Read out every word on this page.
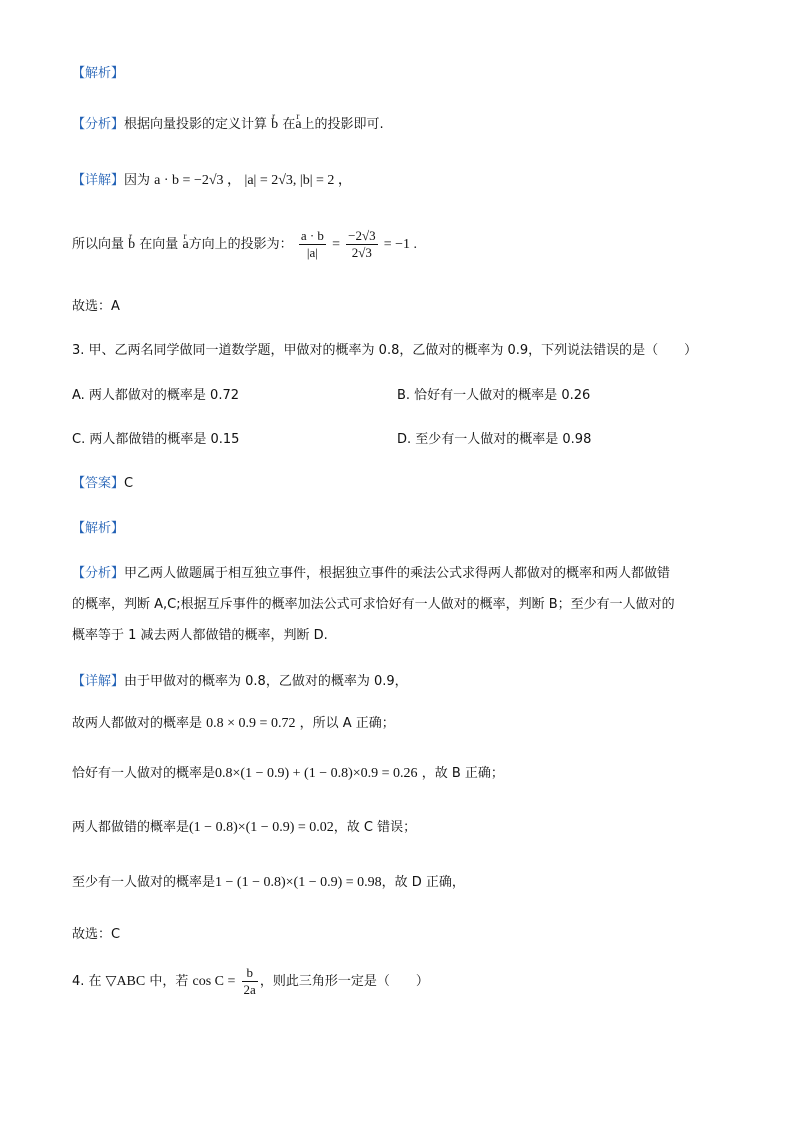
【解析】
【分析】根据向量投影的定义计算 r b 在r a上的投影即可.
【详解】因为 a · b = −2√3 ， |a| = 2√3, |b| = 2 ，
所以向量 r b 在向量 r a方向上的投影为： $\frac{a \cdot b}{|a|} = \frac{-2√3}{2√3} = -1$ .
故选：A
3. 甲、乙两名同学做同一道数学题，甲做对的概率为 0.8，乙做对的概率为 0.9，下列说法错误的是（　　）
A. 两人都做对的概率是 0.72	B. 恰好有一人做对的概率是 0.26
C. 两人都做错的概率是 0.15	D. 至少有一人做对的概率是 0.98
【答案】C
【解析】
【分析】甲乙两人做题属于相互独立事件，根据独立事件的乘法公式求得两人都做对的概率和两人都做错
的概率，判断 A,C;根据互斥事件的概率加法公式可求恰好有一人做对的概率，判断 B；至少有一人做对的
概率等于 1 减去两人都做错的概率，判断 D.
【详解】由于甲做对的概率为 0.8，乙做对的概率为 0.9，
故两人都做对的概率是 0.8 × 0.9 = 0.72 ，所以 A 正确；
恰好有一人做对的概率是0.8×(1 − 0.9) + (1 − 0.8)×0.9 = 0.26 ，故 B 正确；
两人都做错的概率是(1 − 0.8)×(1 − 0.9) = 0.02，故 C 错误；
至少有一人做对的概率是1 − (1 − 0.8)×(1 − 0.9) = 0.98，故 D 正确，
故选：C
4. 在 ▽ABC 中，若 $\cos C = \frac{b}{2a}$ ，则此三角形一定是（　　）
